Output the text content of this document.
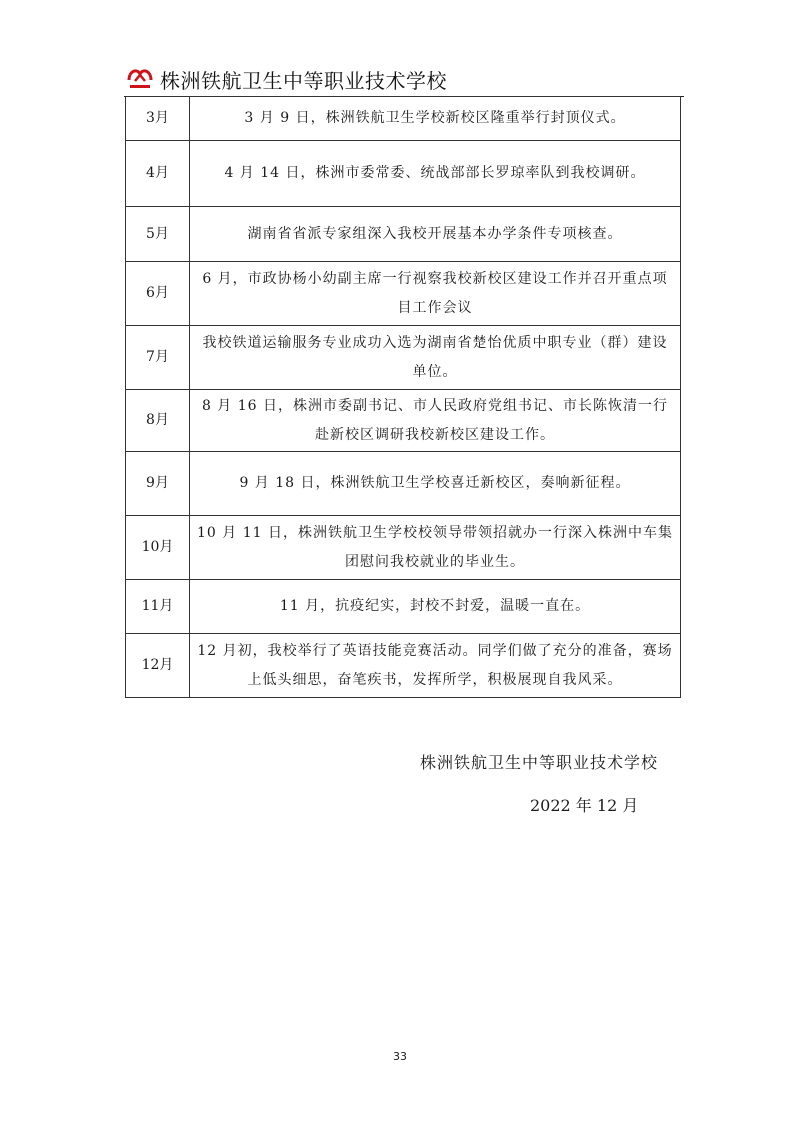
株洲铁航卫生中等职业技术学校
3月	3 月 9 日，株洲铁航卫生学校新校区隆重举行封顶仪式。
4月	4 月 14 日，株洲市委常委、统战部部长罗琼率队到我校调研。
5月	湖南省省派专家组深入我校开展基本办学条件专项核查。
6月	6 月，市政协杨小幼副主席一行视察我校新校区建设工作并召开重点项目工作会议
7月	我校铁道运输服务专业成功入选为湖南省楚怡优质中职专业（群）建设单位。
8月	8 月 16 日，株洲市委副书记、市人民政府党组书记、市长陈恢清一行赴新校区调研我校新校区建设工作。
9月	9 月 18 日，株洲铁航卫生学校喜迁新校区，奏响新征程。
10月	10 月 11 日，株洲铁航卫生学校校领导带领招就办一行深入株洲中车集团慰问我校就业的毕业生。
11月	11 月，抗疫纪实，封校不封爱，温暖一直在。
12月	12 月初，我校举行了英语技能竞赛活动。同学们做了充分的准备，赛场上低头细思，奋笔疾书，发挥所学，积极展现自我风采。
株洲铁航卫生中等职业技术学校
2022 年 12 月
33
